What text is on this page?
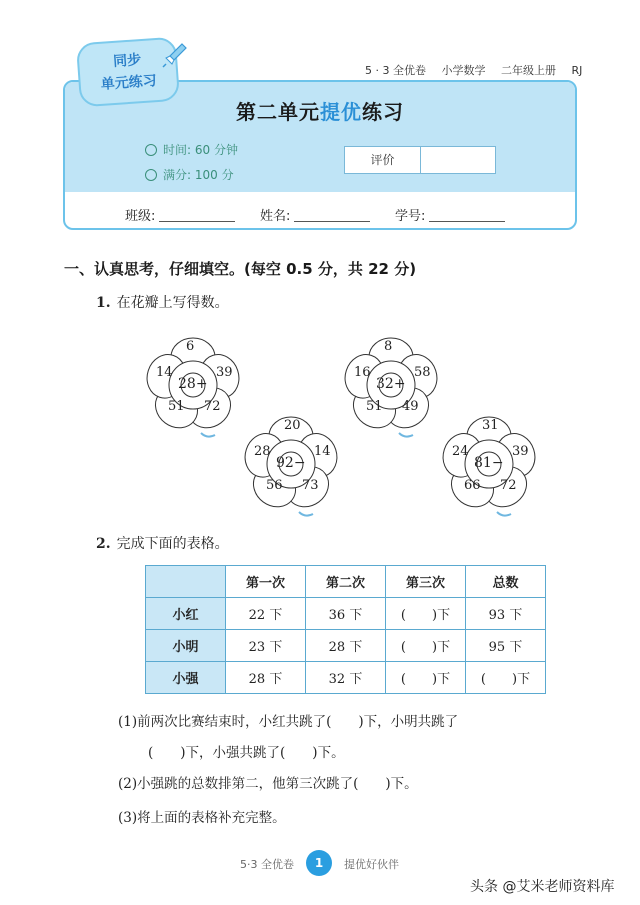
5 · 3 全优卷 小学数学 二年级上册 RJ
同步
单元练习
第二单元提优练习
时间: 60 分钟
满分: 100 分
评价
班级:	姓名:	学号:
一、认真思考，仔细填空。(每空 0.5 分，共 22 分)
1. 在花瓣上写得数。
28+
6
39
72
51
14
32+
8
58
49
51
16
92−
20
14
73
56
28
81−
31
39
72
66
24
2. 完成下面的表格。
	第一次	第二次	第三次	总数
小红	22 下	36 下	(　　)下	93 下
小明	23 下	28 下	(　　)下	95 下
小强	28 下	32 下	(　　)下	(　　)下
(1)前两次比赛结束时，小红共跳了(　　)下，小明共跳了
(　　)下，小强共跳了(　　)下。
(2)小强跳的总数排第二，他第三次跳了(　　)下。
(3)将上面的表格补充完整。
5·3 全优卷	1	提优好伙伴
头条 @艾米老师资料库
